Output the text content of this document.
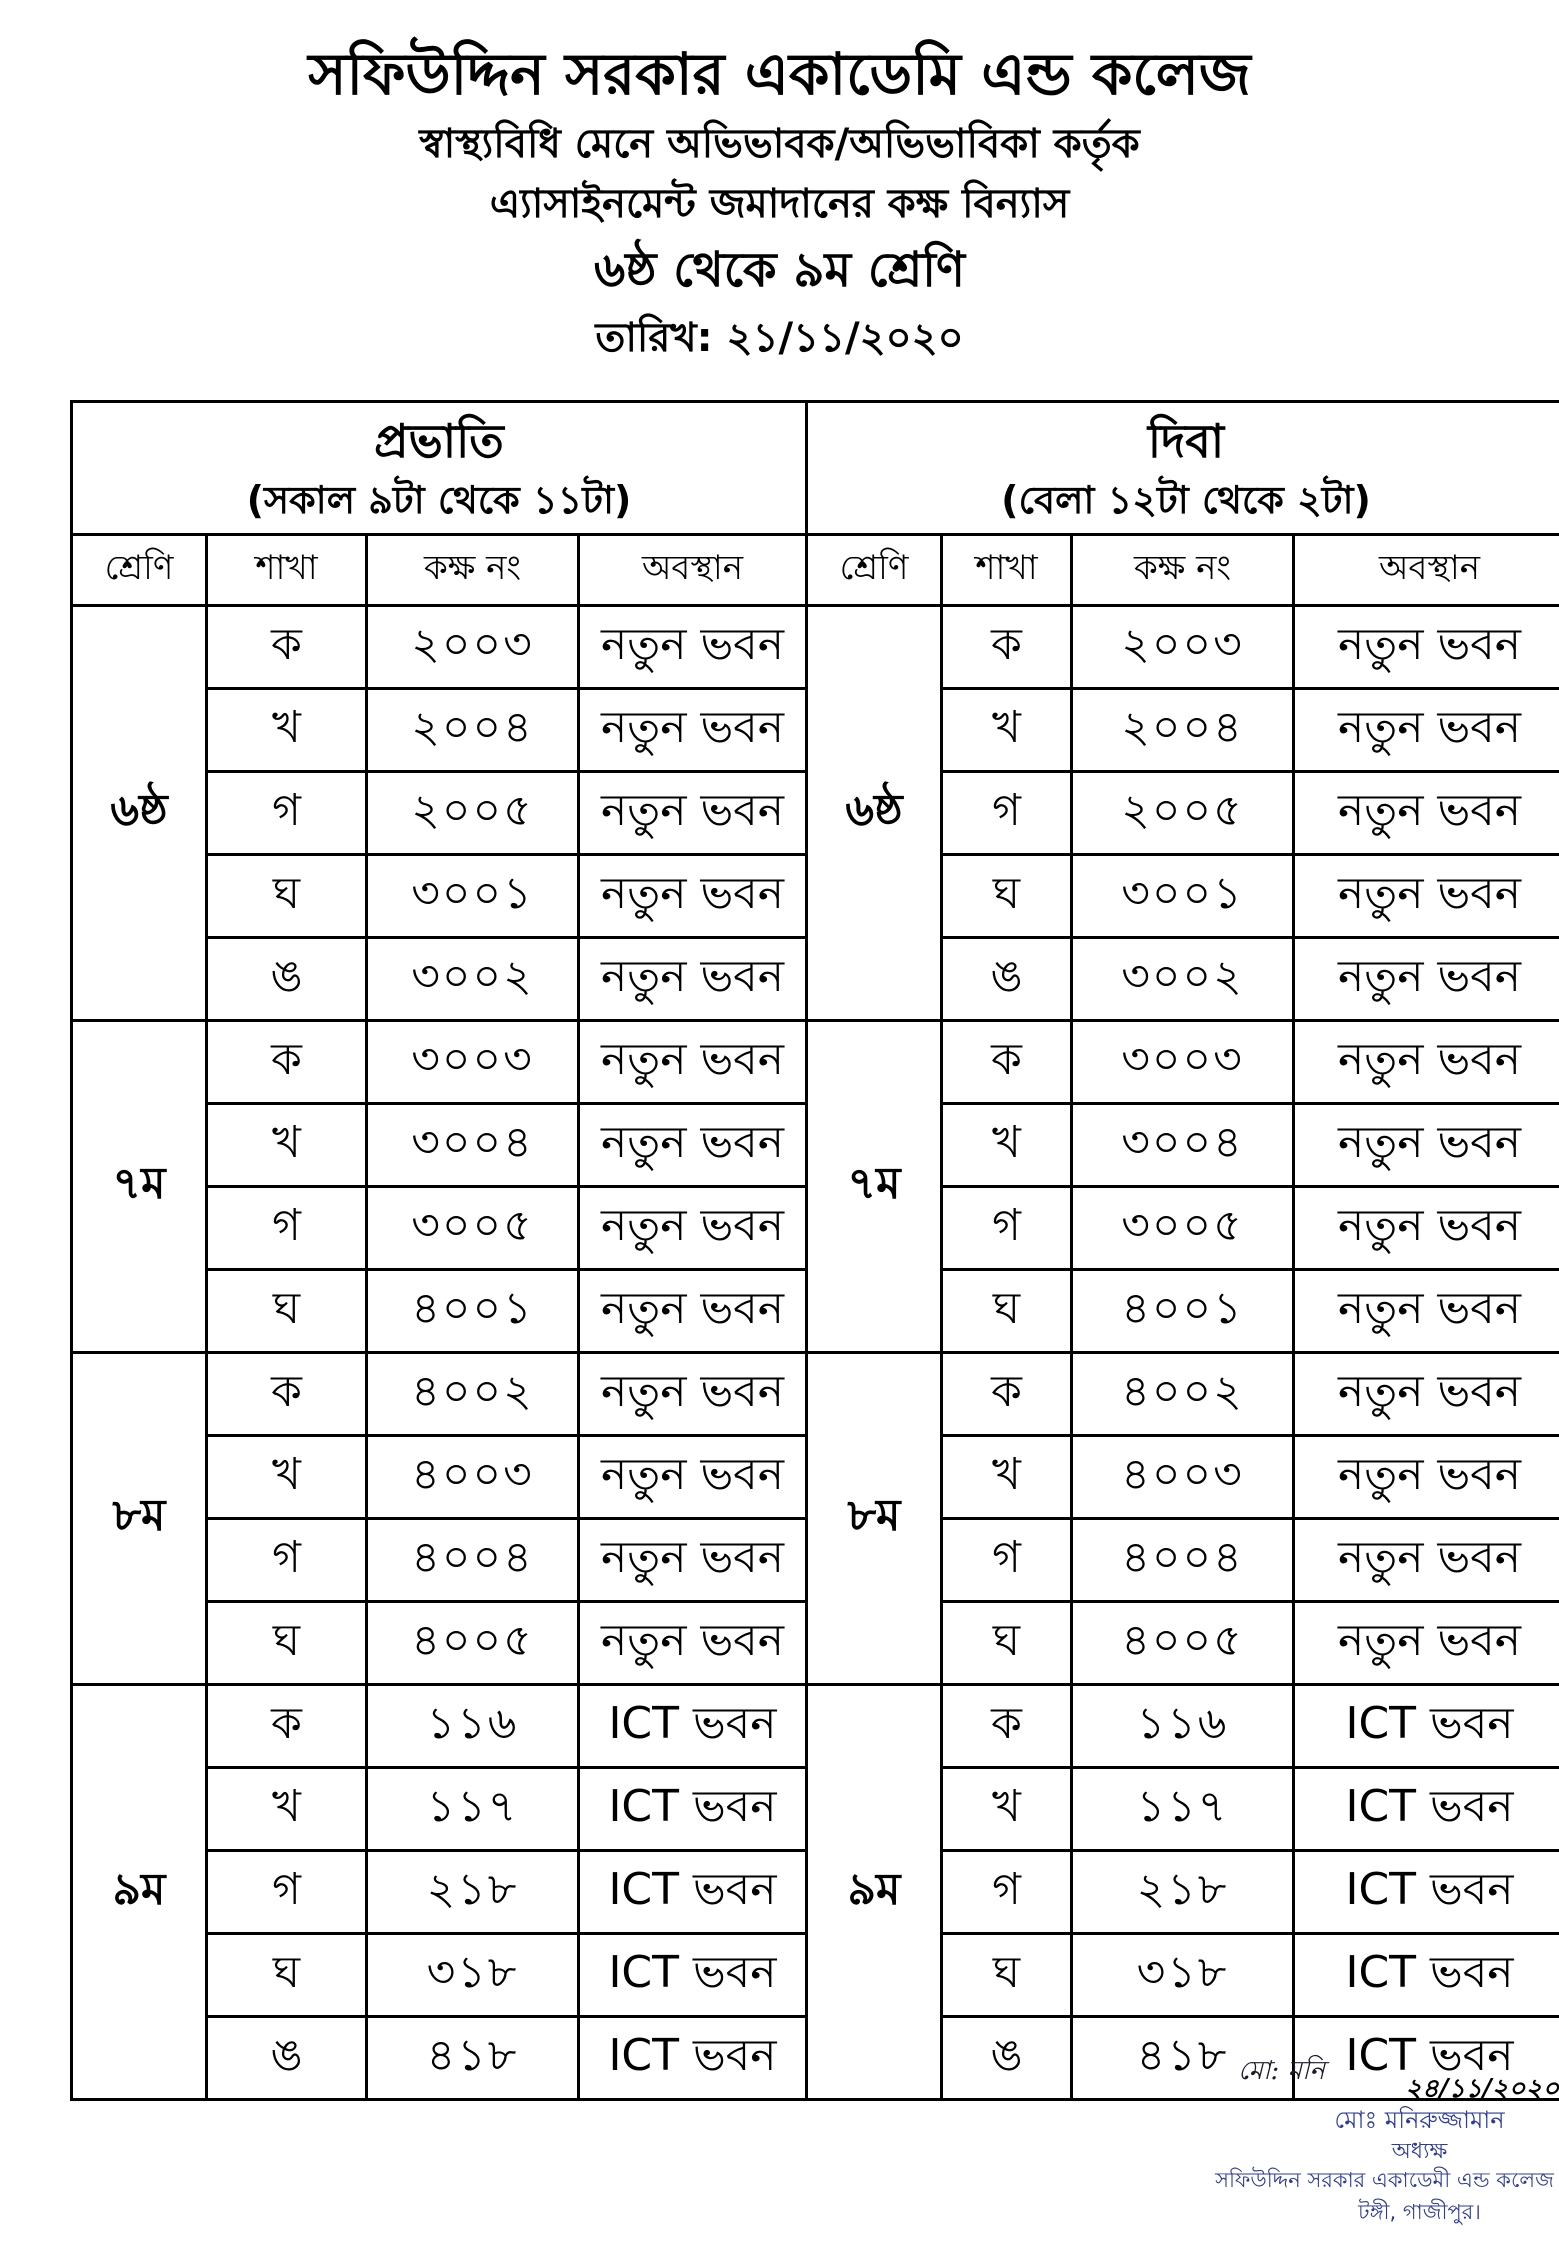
সফিউদ্দিন সরকার একাডেমি এন্ড কলেজ
স্বাস্থ্যবিধি মেনে অভিভাবক/অভিভাবিকা কর্তৃক
এ্যাসাইনমেন্ট জমাদানের কক্ষ বিন্যাস
৬ষ্ঠ থেকে ৯ম শ্রেণি
তারিখ: ২১/১১/২০২০
প্রভাতি
(সকাল ৯টা থেকে ১১টা)				দিবা
(বেলা ১২টা থেকে ২টা)			

শ্রেণি	শাখা	কক্ষ নং	অবস্থান	শ্রেণি	শাখা	কক্ষ নং	অবস্থান
৬ষ্ঠ	ক	২০০৩	নতুন ভবন	৬ষ্ঠ	ক	২০০৩	নতুন ভবন
	খ	২০০৪	নতুন ভবন		খ	২০০৪	নতুন ভবন
	গ	২০০৫	নতুন ভবন		গ	২০০৫	নতুন ভবন
	ঘ	৩০০১	নতুন ভবন		ঘ	৩০০১	নতুন ভবন
	ঙ	৩০০২	নতুন ভবন		ঙ	৩০০২	নতুন ভবন
৭ম	ক	৩০০৩	নতুন ভবন	৭ম	ক	৩০০৩	নতুন ভবন
	খ	৩০০৪	নতুন ভবন		খ	৩০০৪	নতুন ভবন
	গ	৩০০৫	নতুন ভবন		গ	৩০০৫	নতুন ভবন
	ঘ	৪০০১	নতুন ভবন		ঘ	৪০০১	নতুন ভবন
৮ম	ক	৪০০২	নতুন ভবন	৮ম	ক	৪০০২	নতুন ভবন
	খ	৪০০৩	নতুন ভবন		খ	৪০০৩	নতুন ভবন
	গ	৪০০৪	নতুন ভবন		গ	৪০০৪	নতুন ভবন
	ঘ	৪০০৫	নতুন ভবন		ঘ	৪০০৫	নতুন ভবন
৯ম	ক	১১৬	ICT ভবন	৯ম	ক	১১৬	ICT ভবন
	খ	১১৭	ICT ভবন		খ	১১৭	ICT ভবন
	গ	২১৮	ICT ভবন		গ	২১৮	ICT ভবন
	ঘ	৩১৮	ICT ভবন		ঘ	৩১৮	ICT ভবন
	ঙ	৪১৮	ICT ভবন		ঙ	৪১৮	ICT ভবন
মো: মনি
২৪/১১/২০২০
মোঃ মনিরুজ্জামান
অধ্যক্ষ
সফিউদ্দিন সরকার একাডেমী এন্ড কলেজ
টঙ্গী, গাজীপুর।
